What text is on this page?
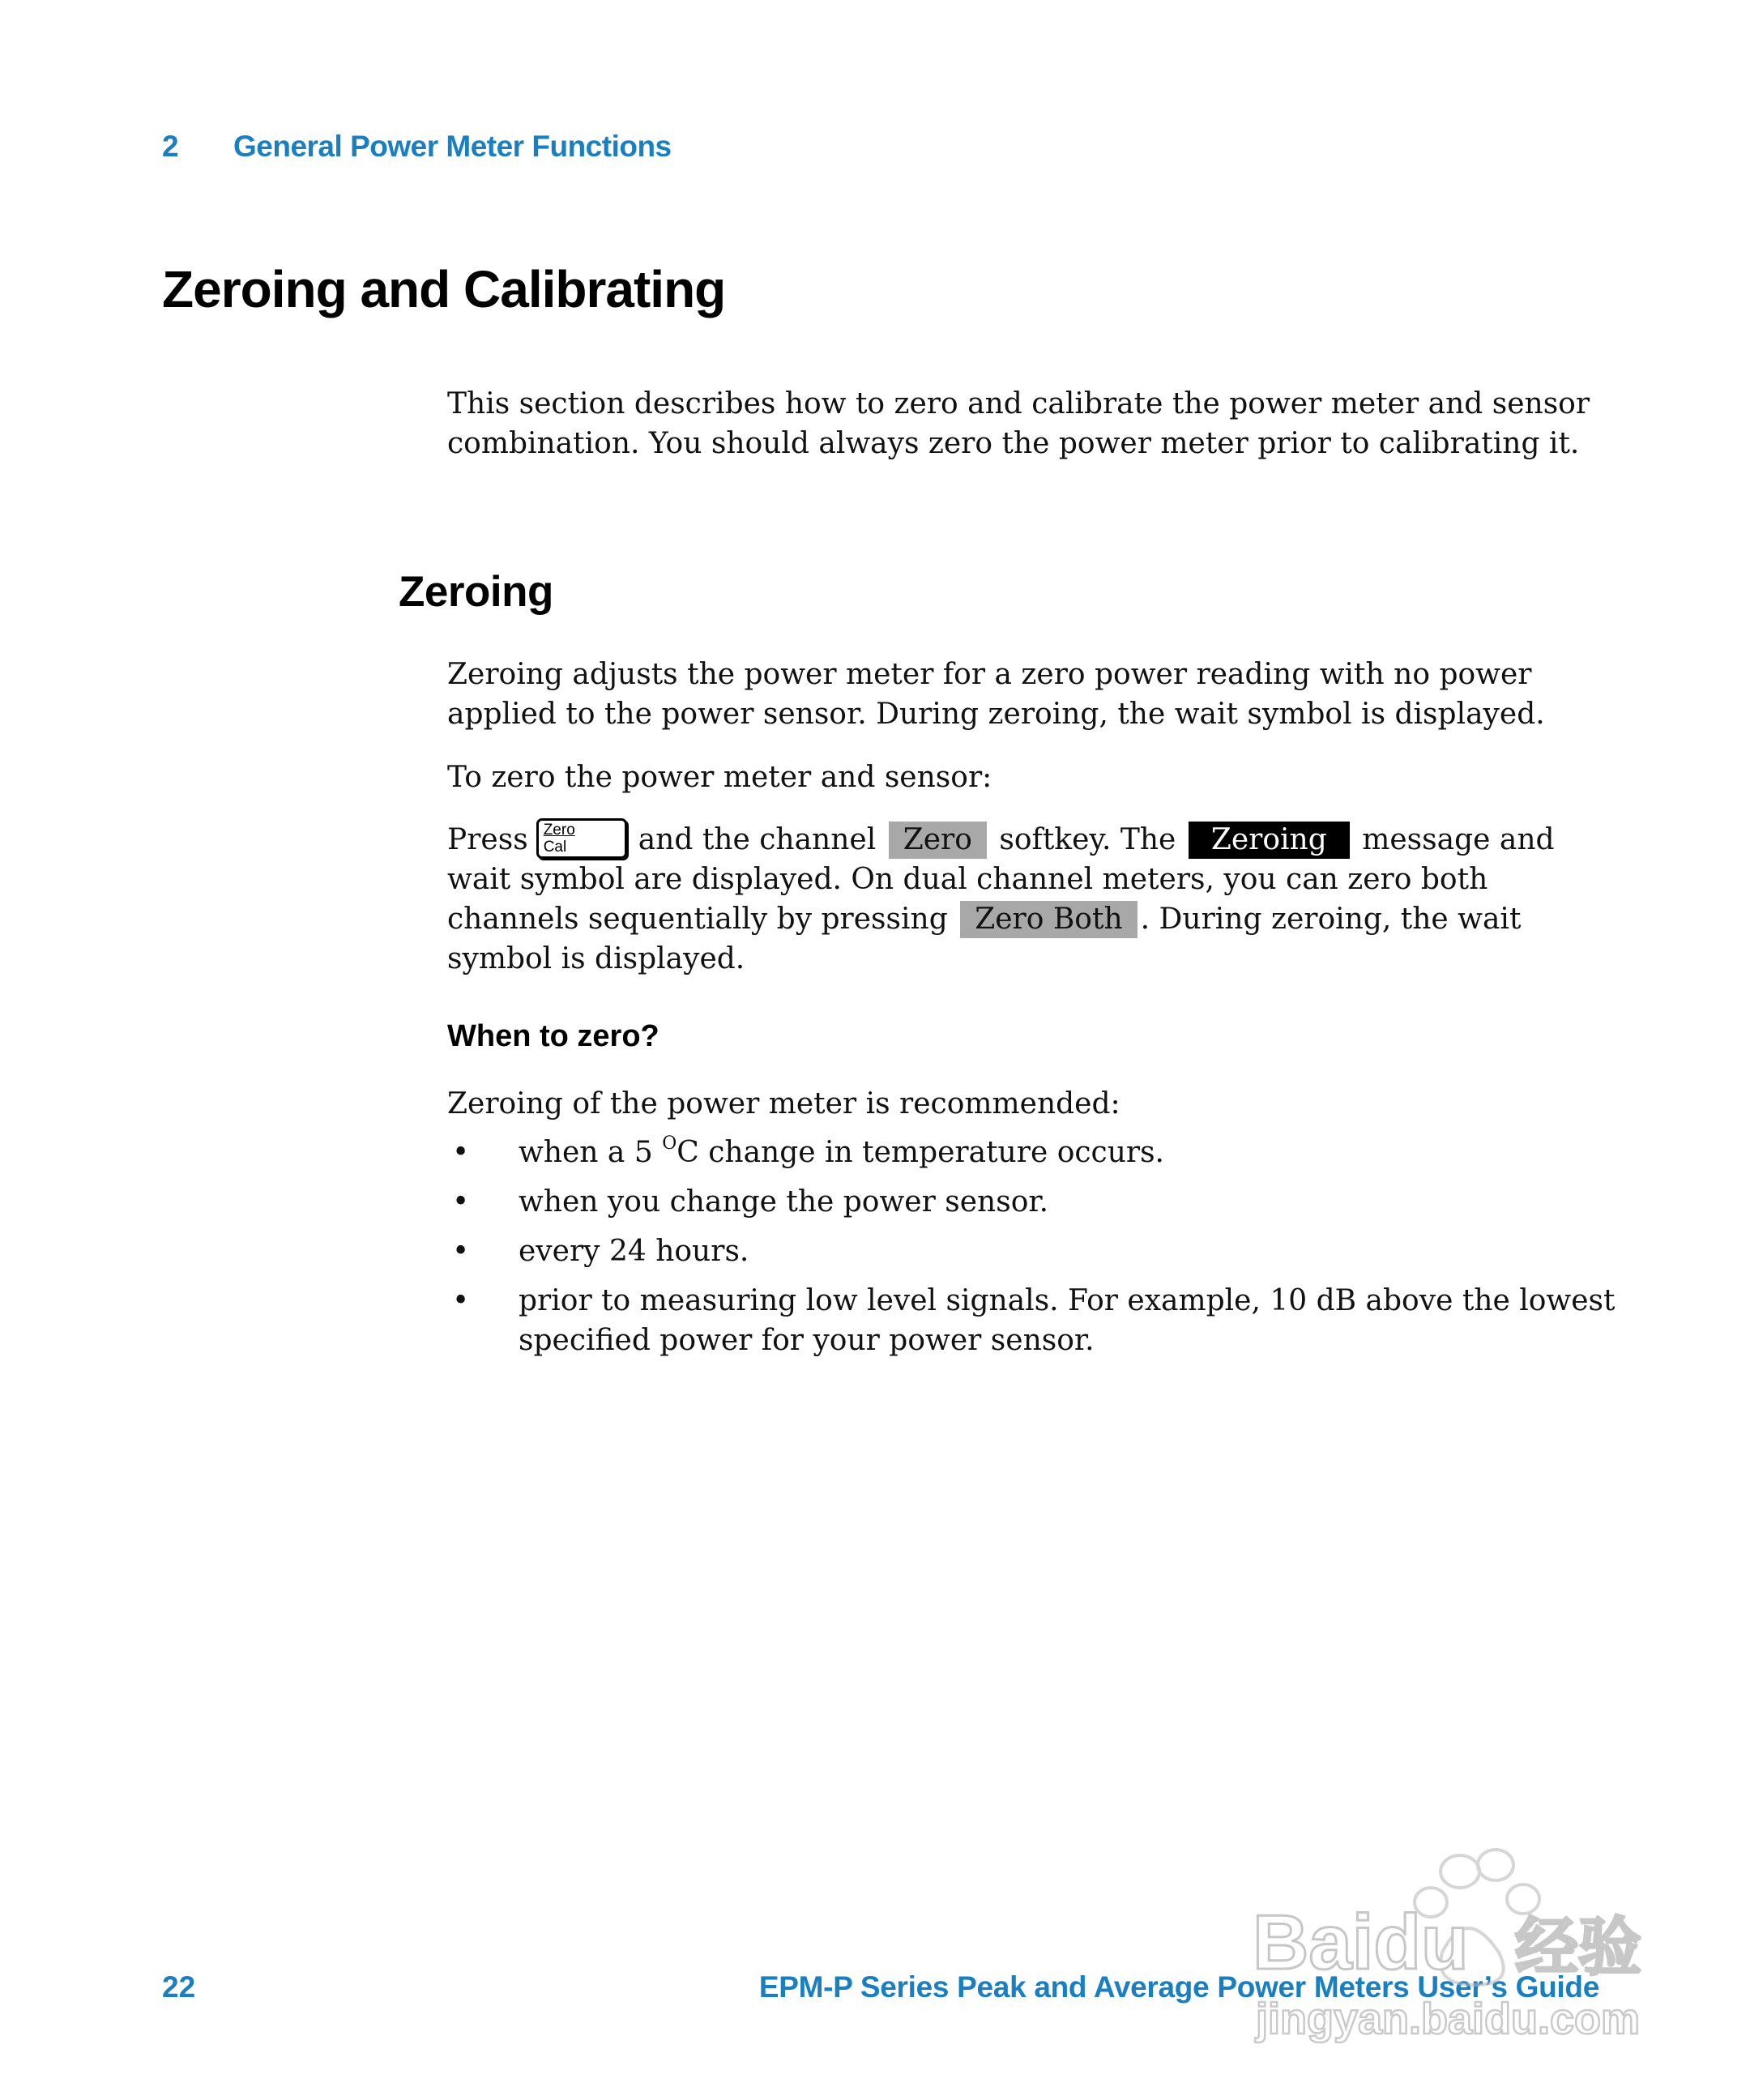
2 General Power Meter Functions
Zeroing and Calibrating

This section describes how to zero and calibrate the power meter and sensor combination. You should always zero the power meter prior to calibrating it.

Zeroing

Zeroing adjusts the power meter for a zero power reading with no power applied to the power sensor. During zeroing, the wait symbol is displayed.

To zero the power meter and sensor:

Press Zero
Cal and the channel Zero softkey. The Zeroing message and wait symbol are displayed. On dual channel meters, you can zero both channels sequentially by pressing Zero Both . During zeroing, the wait symbol is displayed.

When to zero?

Zeroing of the power meter is recommended:

• when a 5 $^O$C change in temperature occurs.
• when you change the power sensor.
• every 24 hours.
• prior to measuring low level signals. For example, 10 dB above the lowest specified power for your power sensor.
22	EPM-P Series Peak and Average Power Meters User’s Guide
Baidu 经验
jingyan.baidu.com
